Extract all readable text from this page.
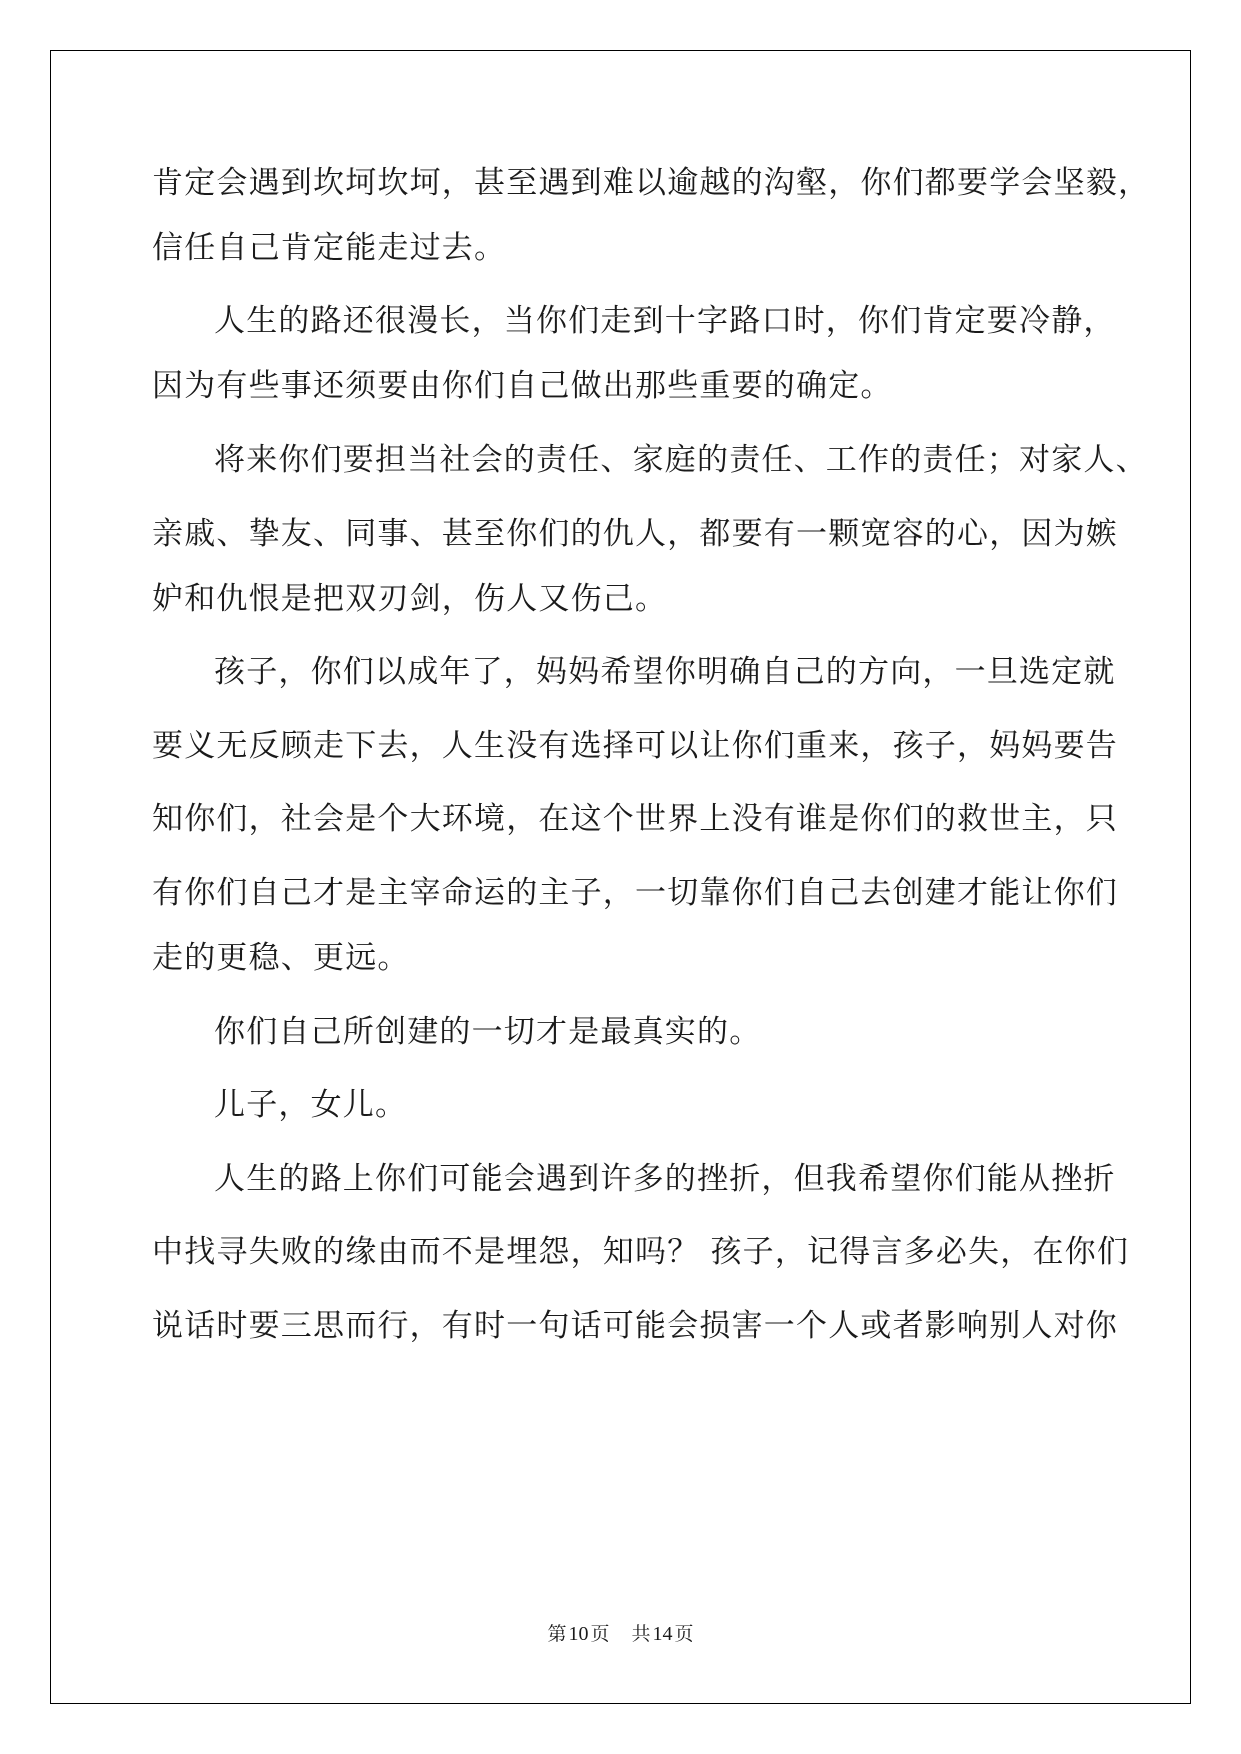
肯定会遇到坎坷坎坷，甚至遇到难以逾越的沟壑，你们都要学会坚毅，
信任自己肯定能走过去。
人生的路还很漫长，当你们走到十字路口时，你们肯定要冷静，
因为有些事还须要由你们自己做出那些重要的确定。
将来你们要担当社会的责任、家庭的责任、工作的责任；对家人、
亲戚、挚友、同事、甚至你们的仇人，都要有一颗宽容的心，因为嫉
妒和仇恨是把双刃剑，伤人又伤己。
孩子，你们以成年了，妈妈希望你明确自己的方向，一旦选定就
要义无反顾走下去，人生没有选择可以让你们重来，孩子，妈妈要告
知你们，社会是个大环境，在这个世界上没有谁是你们的救世主，只
有你们自己才是主宰命运的主子，一切靠你们自己去创建才能让你们
走的更稳、更远。
你们自己所创建的一切才是最真实的。
儿子，女儿。
人生的路上你们可能会遇到许多的挫折，但我希望你们能从挫折
中找寻失败的缘由而不是埋怨，知吗？ 孩子，记得言多必失，在你们
说话时要三思而行，有时一句话可能会损害一个人或者影响别人对你
第 10 页 共 14 页
